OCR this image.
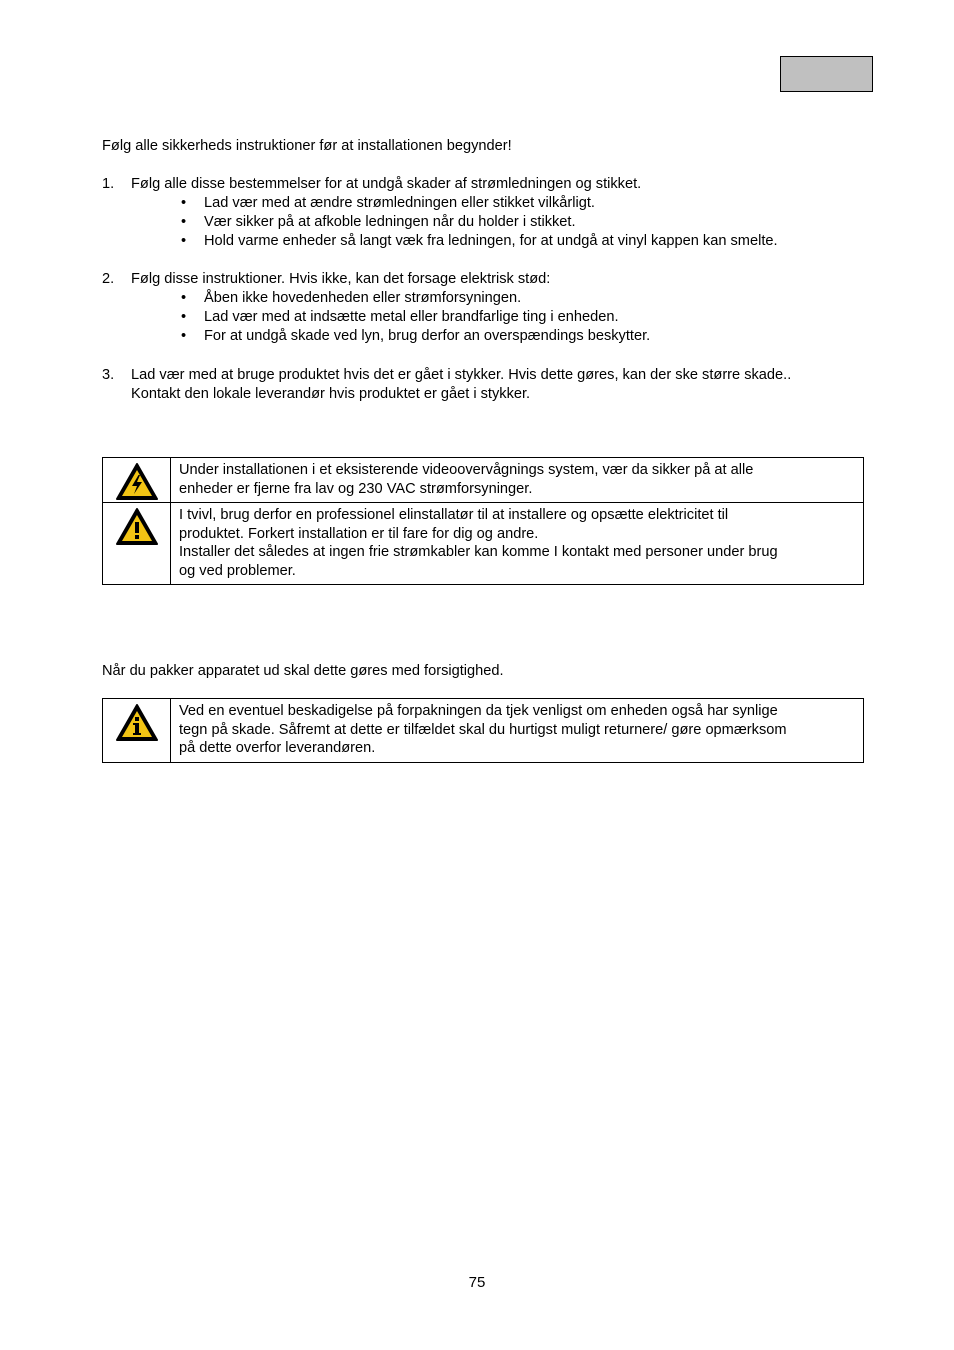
Følg alle sikkerheds instruktioner før at installationen begynder!
1. Følg alle disse bestemmelser for at undgå skader af strømledningen og stikket.
• Lad vær med at ændre strømledningen eller stikket vilkårligt.
• Vær sikker på at afkoble ledningen når du holder i stikket.
• Hold varme enheder så langt væk fra ledningen, for at undgå at vinyl kappen kan smelte.
2. Følg disse instruktioner. Hvis ikke, kan det forsage elektrisk stød:
• Åben ikke hovedenheden eller strømforsyningen.
• Lad vær med at indsætte metal eller brandfarlige ting i enheden.
• For at undgå skade ved lyn, brug derfor an overspændings beskytter.
3. Lad vær med at bruge produktet hvis det er gået i stykker. Hvis dette gøres, kan der ske større skade..
Kontakt den lokale leverandør hvis produktet er gået i stykker.

Under installationen i et eksisterende videoovervågnings system, vær da sikker på at alle
enheder er fjerne fra lav og 230 VAC strømforsyninger.

I tvivl, brug derfor en professionel elinstallatør til at installere og opsætte elektricitet til
produktet. Forkert installation er til fare for dig og andre.
Installer det således at ingen frie strømkabler kan komme I kontakt med personer under brug
og ved problemer.
Når du pakker apparatet ud skal dette gøres med forsigtighed.

Ved en eventuel beskadigelse på forpakningen da tjek venligst om enheden også har synlige
tegn på skade. Såfremt at dette er tilfældet skal du hurtigst muligt returnere/ gøre opmærksom
på dette overfor leverandøren.
75
